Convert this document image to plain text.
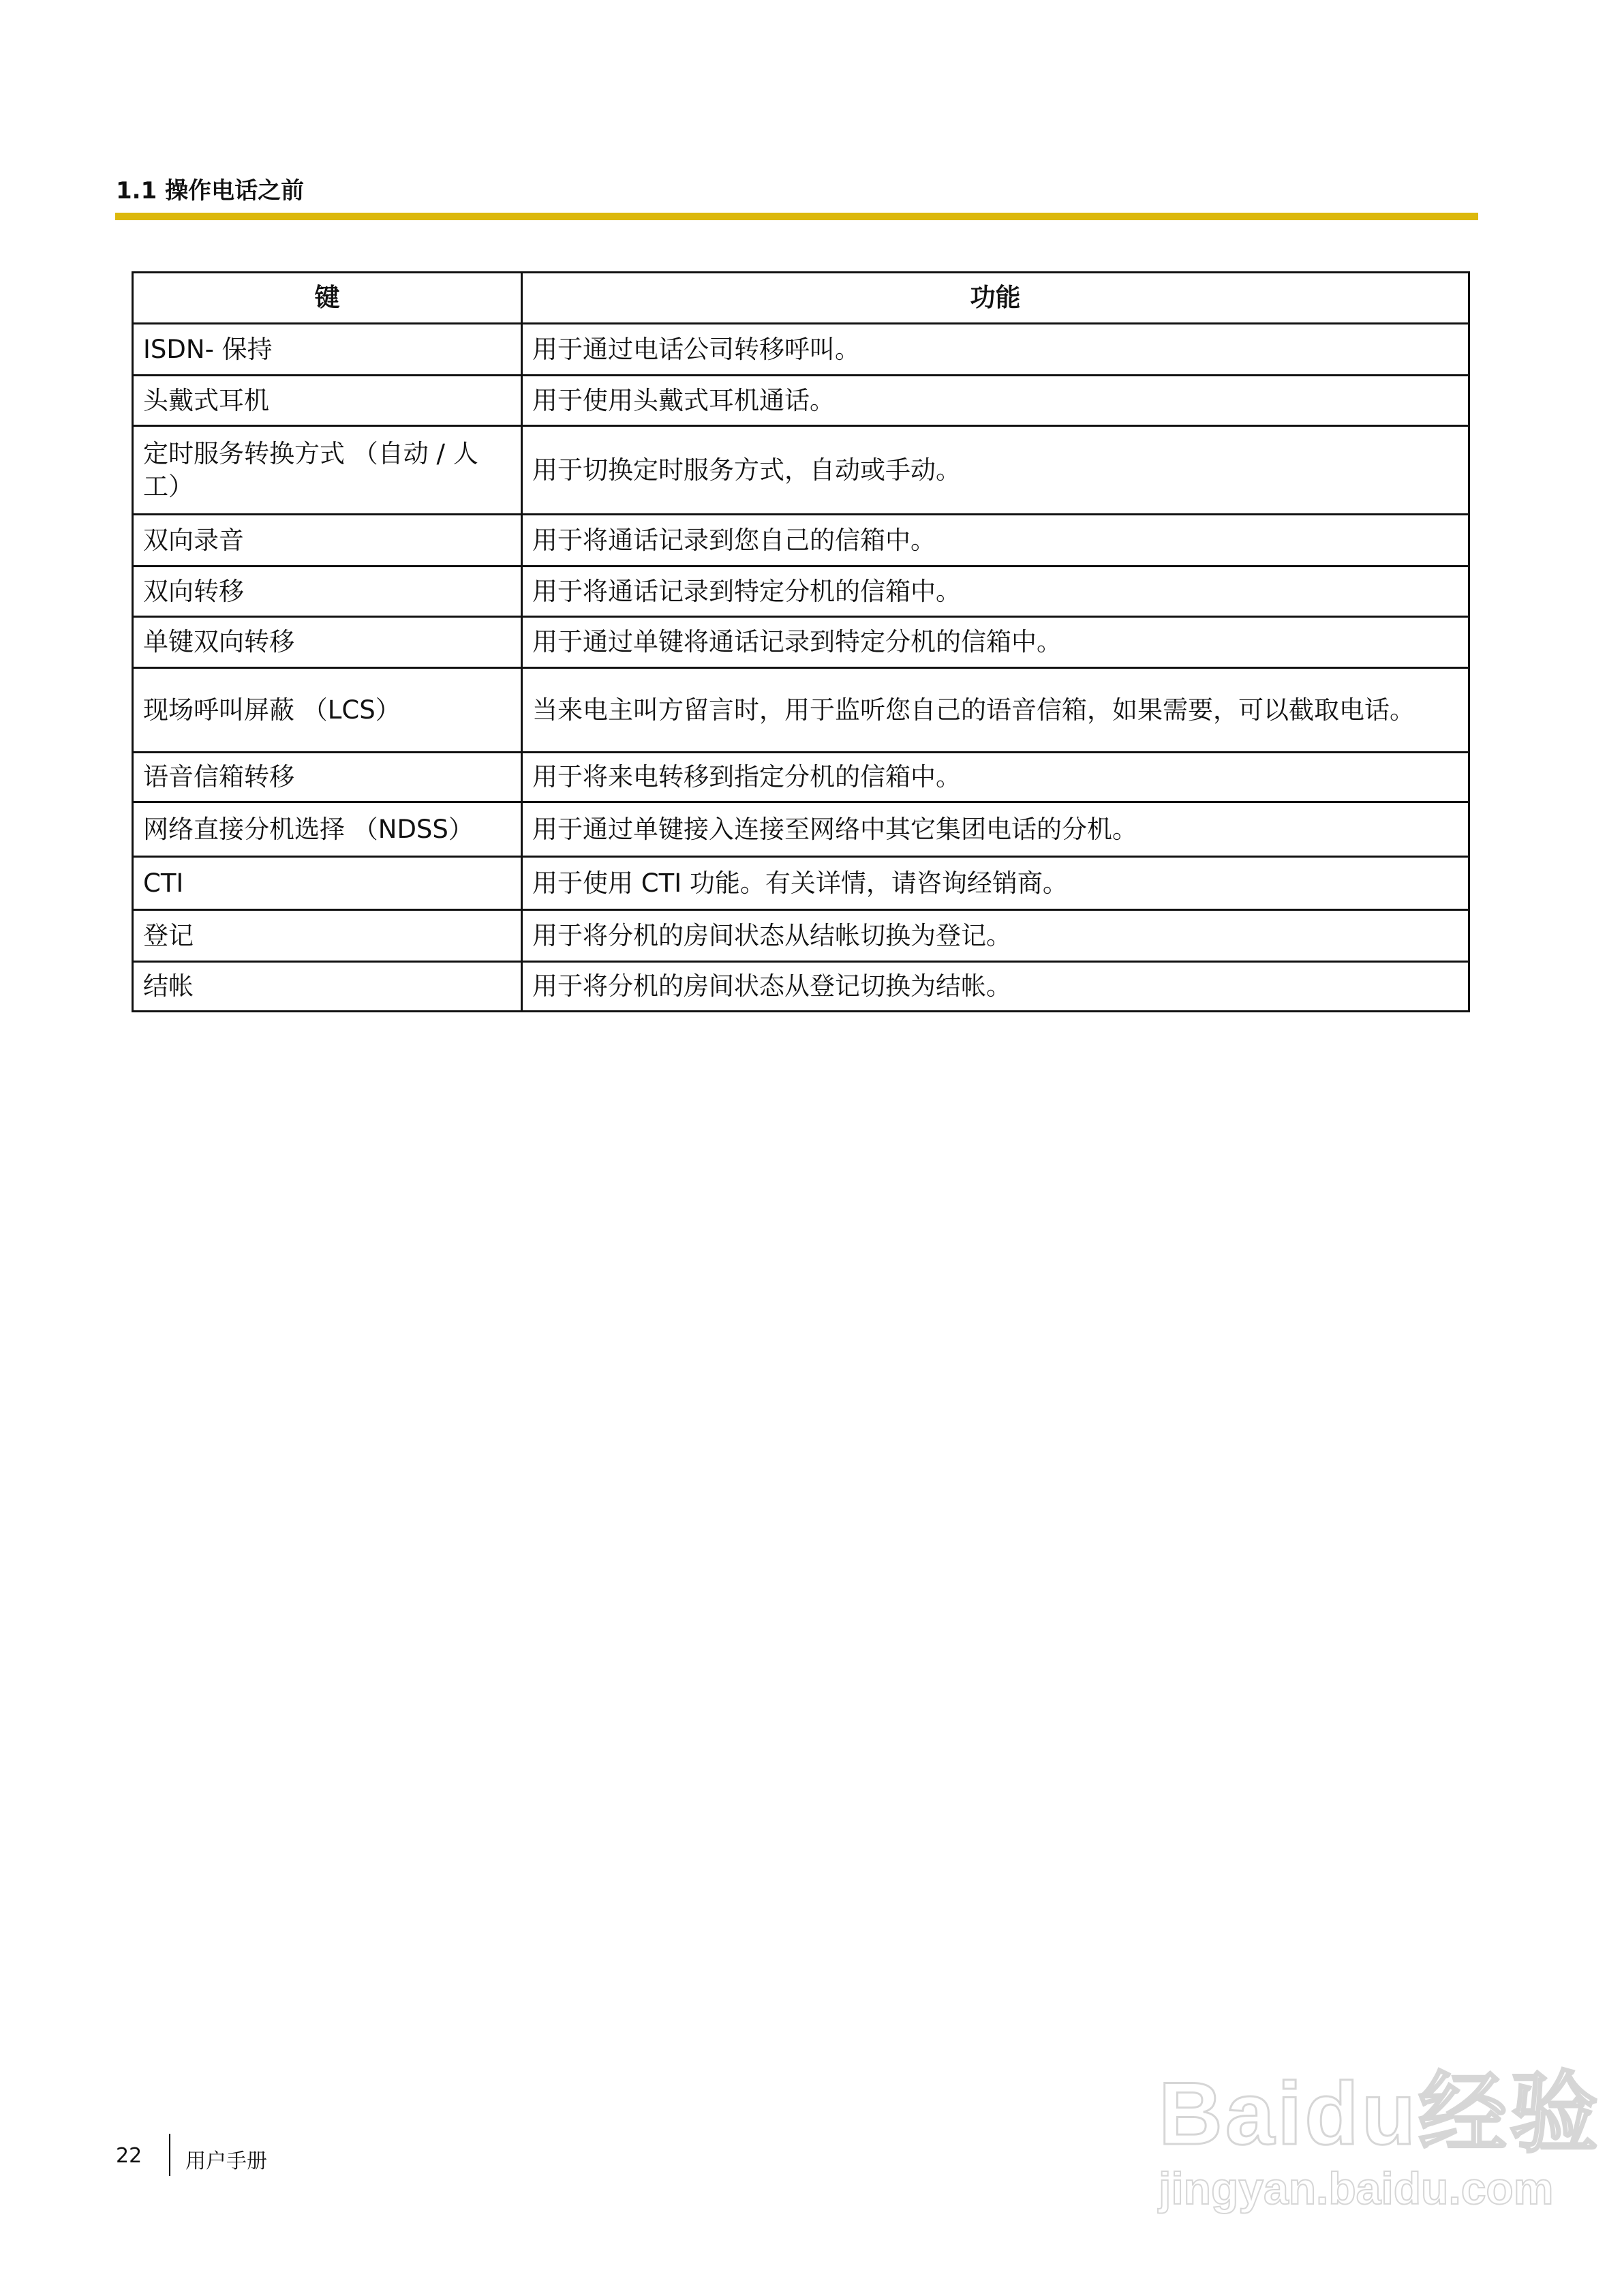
1.1 操作电话之前
键	功能
ISDN- 保持	用于通过电话公司转移呼叫。
头戴式耳机	用于使用头戴式耳机通话。
定时服务转换方式 （自动 / 人工）	用于切换定时服务方式，自动或手动。
双向录音	用于将通话记录到您自己的信箱中。
双向转移	用于将通话记录到特定分机的信箱中。
单键双向转移	用于通过单键将通话记录到特定分机的信箱中。
现场呼叫屏蔽 （LCS）	当来电主叫方留言时，用于监听您自己的语音信箱，如果需要，可以截取电话。
语音信箱转移	用于将来电转移到指定分机的信箱中。
网络直接分机选择 （NDSS）	用于通过单键接入连接至网络中其它集团电话的分机。
CTI	用于使用 CTI 功能。有关详情，请咨询经销商。
登记	用于将分机的房间状态从结帐切换为登记。
结帐	用于将分机的房间状态从登记切换为结帐。
22 用户手册	Baidu经验
jingyan.baidu.com
